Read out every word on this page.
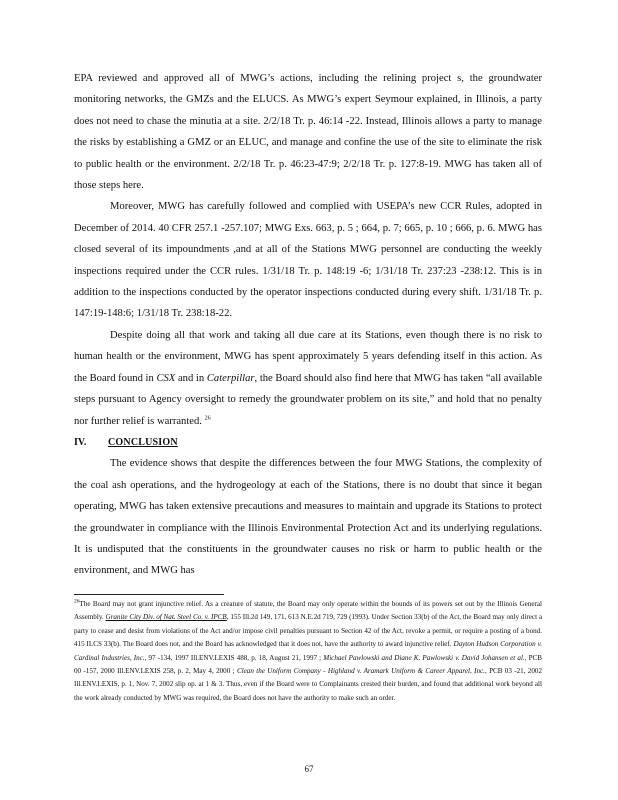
EPA reviewed and approved all of MWG’s actions, including the relining project s, the groundwater monitoring networks, the GMZs and the ELUCS. As MWG’s expert Seymour explained, in Illinois, a party does not need to chase the minutia at a site. 2/2/18 Tr. p. 46:14 -22. Instead, Illinois allows a party to manage the risks by establishing a GMZ or an ELUC, and manage and confine the use of the site to eliminate the risk to public health or the environment. 2/2/18 Tr. p. 46:23-47:9; 2/2/18 Tr. p. 127:8-19. MWG has taken all of those steps here.

Moreover, MWG has carefully followed and complied with USEPA’s new CCR Rules, adopted in December of 2014. 40 CFR 257.1 -257.107; MWG Exs. 663, p. 5 ; 664, p. 7; 665, p. 10 ; 666, p. 6. MWG has closed several of its impoundments ,and at all of the Stations MWG personnel are conducting the weekly inspections required under the CCR rules. 1/31/18 Tr. p. 148:19 -6; 1/31/18 Tr. 237:23 -238:12. This is in addition to the inspections conducted by the operator inspections conducted during every shift. 1/31/18 Tr. p. 147:19-148:6; 1/31/18 Tr. 238:18-22.

Despite doing all that work and taking all due care at its Stations, even though there is no risk to human health or the environment, MWG has spent approximately 5 years defending itself in this action. As the Board found in CSX and in Caterpillar, the Board should also find here that MWG has taken “all available steps pursuant to Agency oversight to remedy the groundwater problem on its site,” and hold that no penalty nor further relief is warranted. $^{26}$

IV.	CONCLUSION

The evidence shows that despite the differences between the four MWG Stations, the complexity of the coal ash operations, and the hydrogeology at each of the Stations, there is no doubt that since it began operating, MWG has taken extensive precautions and measures to maintain and upgrade its Stations to protect the groundwater in compliance with the Illinois Environmental Protection Act and its underlying regulations. It is undisputed that the constituents in the groundwater causes no risk or harm to public health or the environment, and MWG has

$^{26}$The Board may not grant injunctive relief. As a creature of statute, the Board may only operate within the bounds of its powers set out by the Illinois General Assembly. Granite City Div. of Nat. Steel Co. v. IPCB, 155 Ill.2d 149, 171, 613 N.E.2d 719, 729 (1993). Under Section 33(b) of the Act, the Board may only direct a party to cease and desist from violations of the Act and/or impose civil penalties pursuant to Section 42 of the Act, revoke a permit, or require a posting of a bond. 415 ILCS 33(b). The Board does not, and the Board has acknowledged that it does not, have the authority to award injunctive relief. Dayton Hudson Corporation v. Cardinal Industries, Inc., 97 -134, 1997 Ill.ENV.LEXIS 488, p. 18, August 21, 1997 ; Michael Pawlowski and Diane K. Pawlowski v. David Johansen et al., PCB 00 -157, 2000 Ill.ENV.LEXIS 258, p. 2, May 4, 2000 ; Clean the Uniform Company - Highland v. Aramark Uniform & Career Apparel, Inc., PCB 03 -21, 2002 Ill.ENV.LEXIS, p. 1, Nov. 7, 2002 slip op. at 1 & 3. Thus, even if the Board were to Complainants crested their burden, and found that additional work beyond all the work already conducted by MWG was required, the Board does not have the authority to make such an order.

67
